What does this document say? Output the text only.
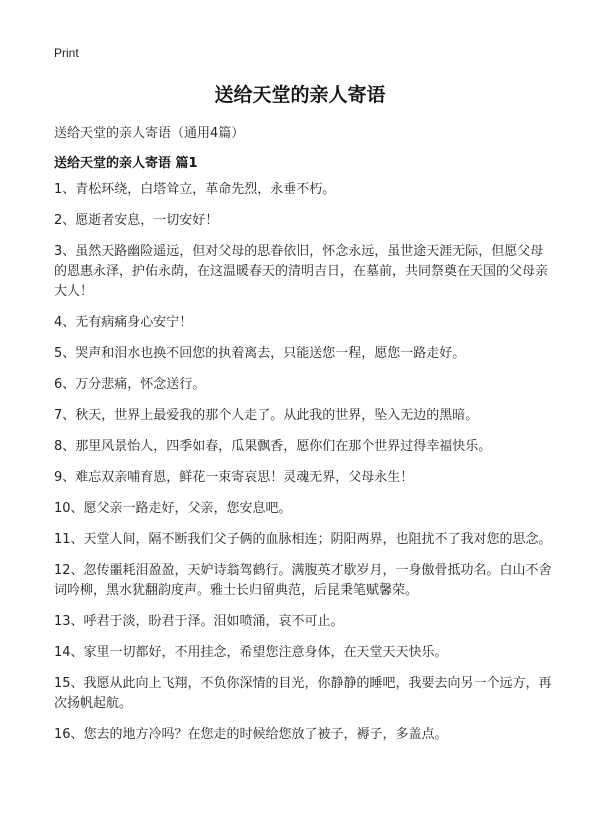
Print
送给天堂的亲人寄语
送给天堂的亲人寄语（通用4篇）
送给天堂的亲人寄语 篇1
1、青松环绕，白塔耸立，革命先烈，永垂不朽。
2、愿逝者安息，一切安好！
3、虽然天路幽险遥远，但对父母的思眷依旧，怀念永远，虽世途天涯无际，但愿父母的恩惠永泽，护佑永荫，在这温暖春天的清明吉日，在墓前，共同祭奠在天国的父母亲大人！
4、无有病痛身心安宁！
5、哭声和泪水也换不回您的执着离去，只能送您一程，愿您一路走好。
6、万分悲痛，怀念送行。
7、秋天，世界上最爱我的那个人走了。从此我的世界，坠入无边的黑暗。
8、那里风景怡人，四季如春，瓜果飘香，愿你们在那个世界过得幸福快乐。
9、难忘双亲哺育恩，鲜花一束寄哀思！灵魂无界，父母永生！
10、愿父亲一路走好，父亲，您安息吧。
11、天堂人间，隔不断我们父子俩的血脉相连；阴阳两界，也阻扰不了我对您的思念。
12、忽传噩耗泪盈盈，天妒诗翁驾鹤行。满腹英才歇岁月，一身傲骨抵功名。白山不舍词吟柳，黑水犹翻韵度声。雅士长归留典范，后昆秉笔赋馨荣。
13、呼君于淡，盼君于泽。泪如喷涌，哀不可止。
14、家里一切都好，不用挂念，希望您注意身体，在天堂天天快乐。
15、我愿从此向上飞翔，不负你深情的目光，你静静的睡吧，我要去向另一个远方，再次扬帆起航。
16、您去的地方冷吗？在您走的时候给您放了被子，褥子，多盖点。
